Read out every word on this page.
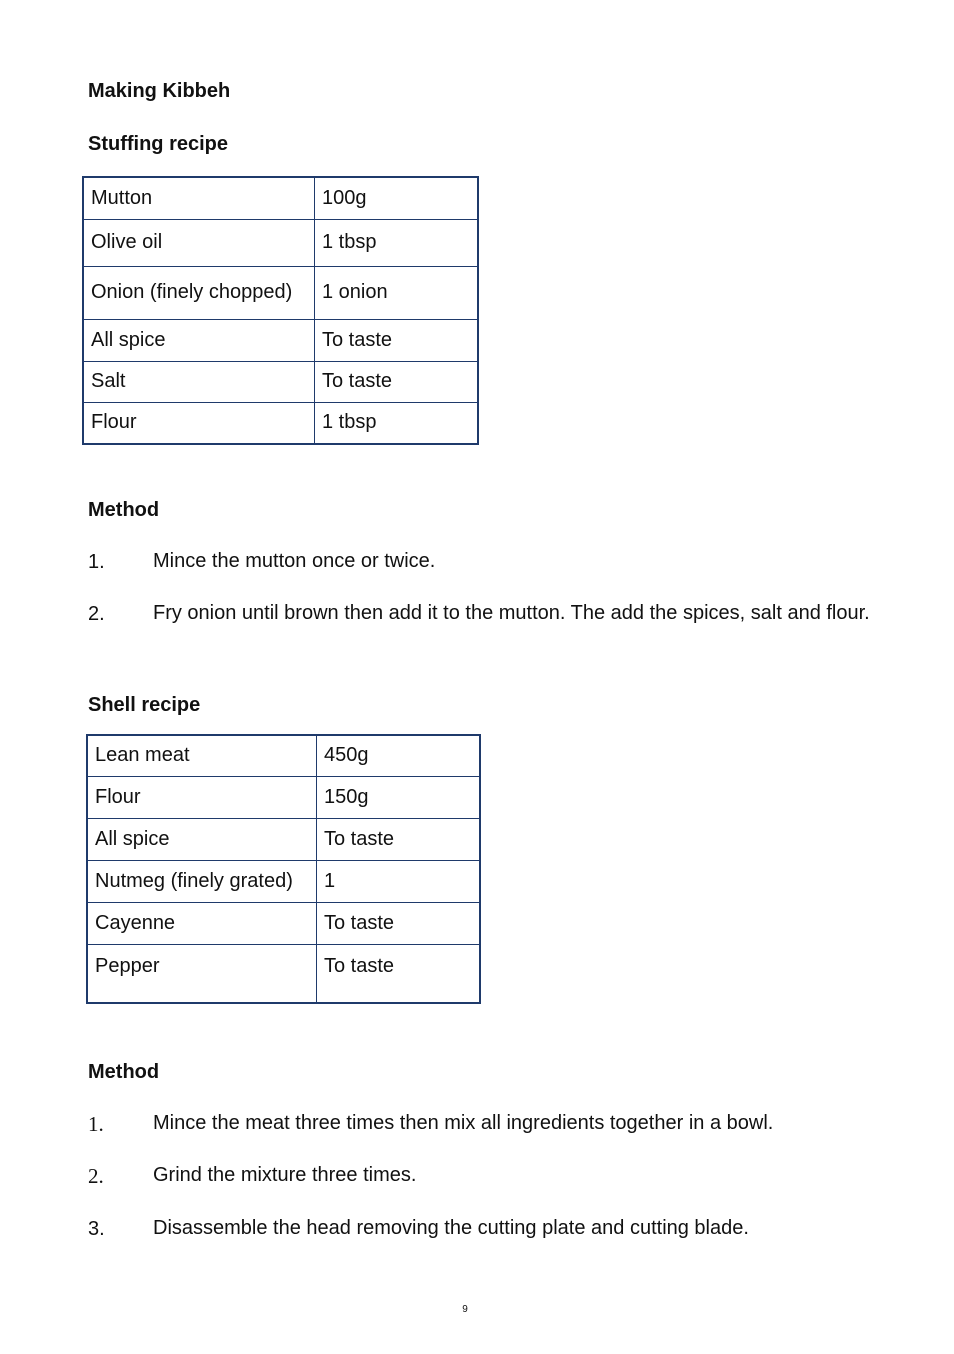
Making Kibbeh
Stuffing recipe
Mutton	100g
Olive oil	1 tbsp
Onion (finely chopped)	1 onion
All spice	To taste
Salt	To taste
Flour	1 tbsp
Method
1. Mince the mutton once or twice.
2. Fry onion until brown then add it to the mutton. The add the spices, salt and flour.
Shell recipe
Lean meat	450g
Flour	150g
All spice	To taste
Nutmeg (finely grated)	1
Cayenne	To taste
Pepper	To taste
Method
1. Mince the meat three times then mix all ingredients together in a bowl.
2. Grind the mixture three times.
3. Disassemble the head removing the cutting plate and cutting blade.
9
